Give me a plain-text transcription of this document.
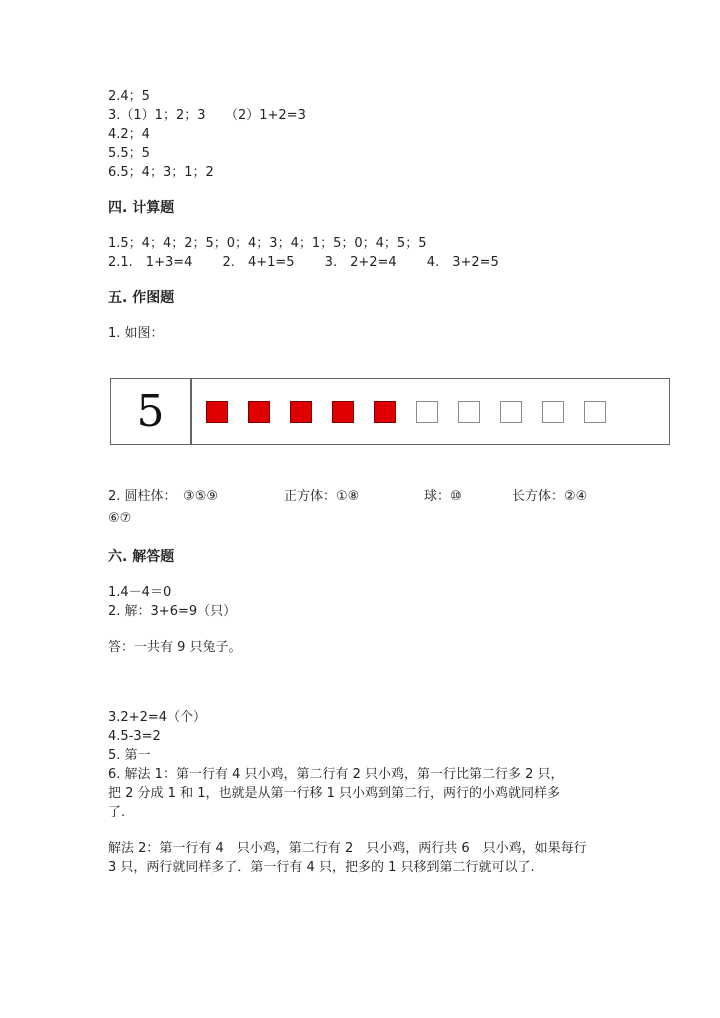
2.4；5
3.（1）1；2；3　　（2）1+2=3
4.2；4
5.5；5
6.5；4；3；1；2
四. 计算题
1.5；4；4；2；5；0；4；3；4；1；5；0；4；5；5
2.1.　1+3=4　　 2.　4+1=5　　 3.　2+2=4　　 4.　3+2=5
五. 作图题
1. 如图：
5
2. 圆柱体：　③⑤⑨	正方体：①⑧	球：⑩	长方体：②④
⑥⑦
六. 解答题
1.4－4＝0
2. 解：3+6=9（只）
答：一共有 9 只兔子。
3.2+2=4（个）
4.5-3=2
5. 第一
6. 解法 1：第一行有 4 只小鸡，第二行有 2 只小鸡，第一行比第二行多 2 只，
把 2 分成 1 和 1，也就是从第一行移 1 只小鸡到第二行，两行的小鸡就同样多
了.
解法 2：第一行有 4　只小鸡，第二行有 2　只小鸡，两行共 6　只小鸡，如果每行
3 只，两行就同样多了．第一行有 4 只，把多的 1 只移到第二行就可以了.
